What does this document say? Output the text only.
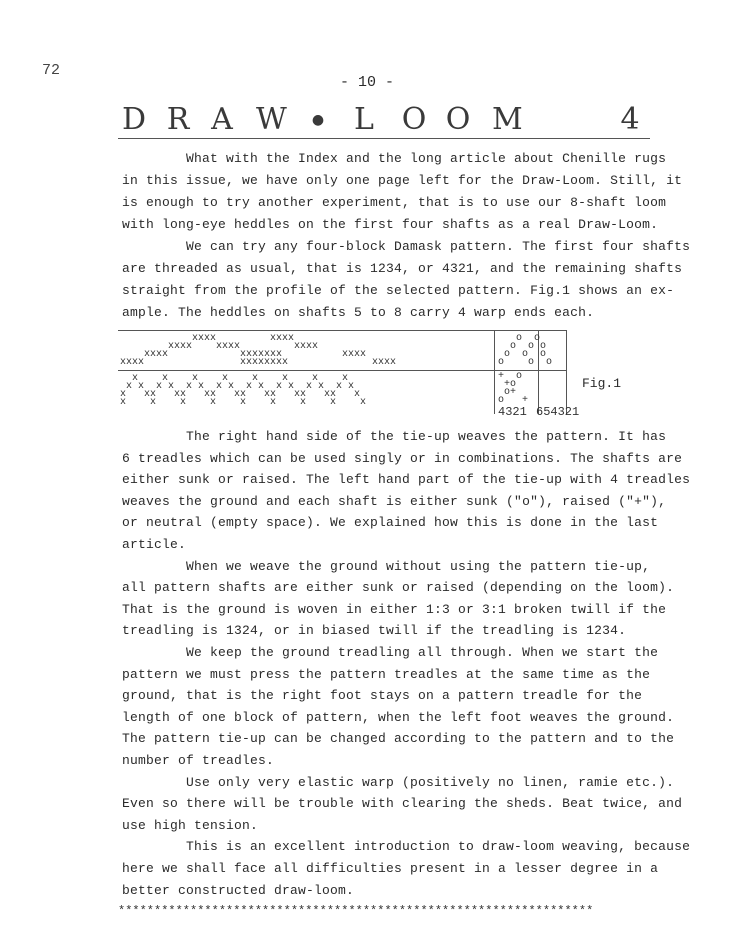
72
- 10 -
D R A W	● L O O M	4
What with the Index and the long article about Chenille rugs
in this issue, we have only one page left for the Draw-Loom. Still, it
is enough to try another experiment, that is to use our 8-shaft loom
with long-eye heddles on the first four shafts as a real Draw-Loom.
We can try any four-block Damask pattern. The first four shafts
are threaded as usual, that is 1234, or 4321, and the remaining shafts
straight from the profile of the selected pattern. Fig.1 shows an ex-
ample. The heddles on shafts 5 to 8 carry 4 warp ends each.
xxxx         xxxx
xxxx    xxxx         xxxx
xxxx            xxxxxxx          xxxx
xxxx                xxxxxxxx              xxxx
x    x    x    x    x    x    x    x
x x  x x  x x  x x  x x  x x  x x  x x
x   xx   xx   xx   xx   xx   xx   xx   x
x    x    x    x    x    x    x    x    x
+  o
+o
o+
o   +
o  o
o  o o
o  o  o
o    o  o
4321 654321
Fig.1
The right hand side of the tie-up weaves the pattern. It has
6 treadles which can be used singly or in combinations. The shafts are
either sunk or raised. The left hand part of the tie-up with 4 treadles
weaves the ground and each shaft is either sunk ("o"), raised ("+"),
or neutral (empty space). We explained how this is done in the last
article.
When we weave the ground without using the pattern tie-up,
all pattern shafts are either sunk or raised (depending on the loom).
That is the ground is woven in either 1:3 or 3:1 broken twill if the
treadling is 1324, or in biased twill if the treadling is 1234.
We keep the ground treadling all through. When we start the
pattern we must press the pattern treadles at the same time as the
ground, that is the right foot stays on a pattern treadle for the
length of one block of pattern, when the left foot weaves the ground.
The pattern tie-up can be changed according to the pattern and to the
number of treadles.
Use only very elastic warp (positively no linen, ramie etc.).
Even so there will be trouble with clearing the sheds. Beat twice, and
use high tension.
This is an excellent introduction to draw-loom weaving, because
here we shall face all difficulties present in a lesser degree in a
better constructed draw-loom.
******************************************************************
